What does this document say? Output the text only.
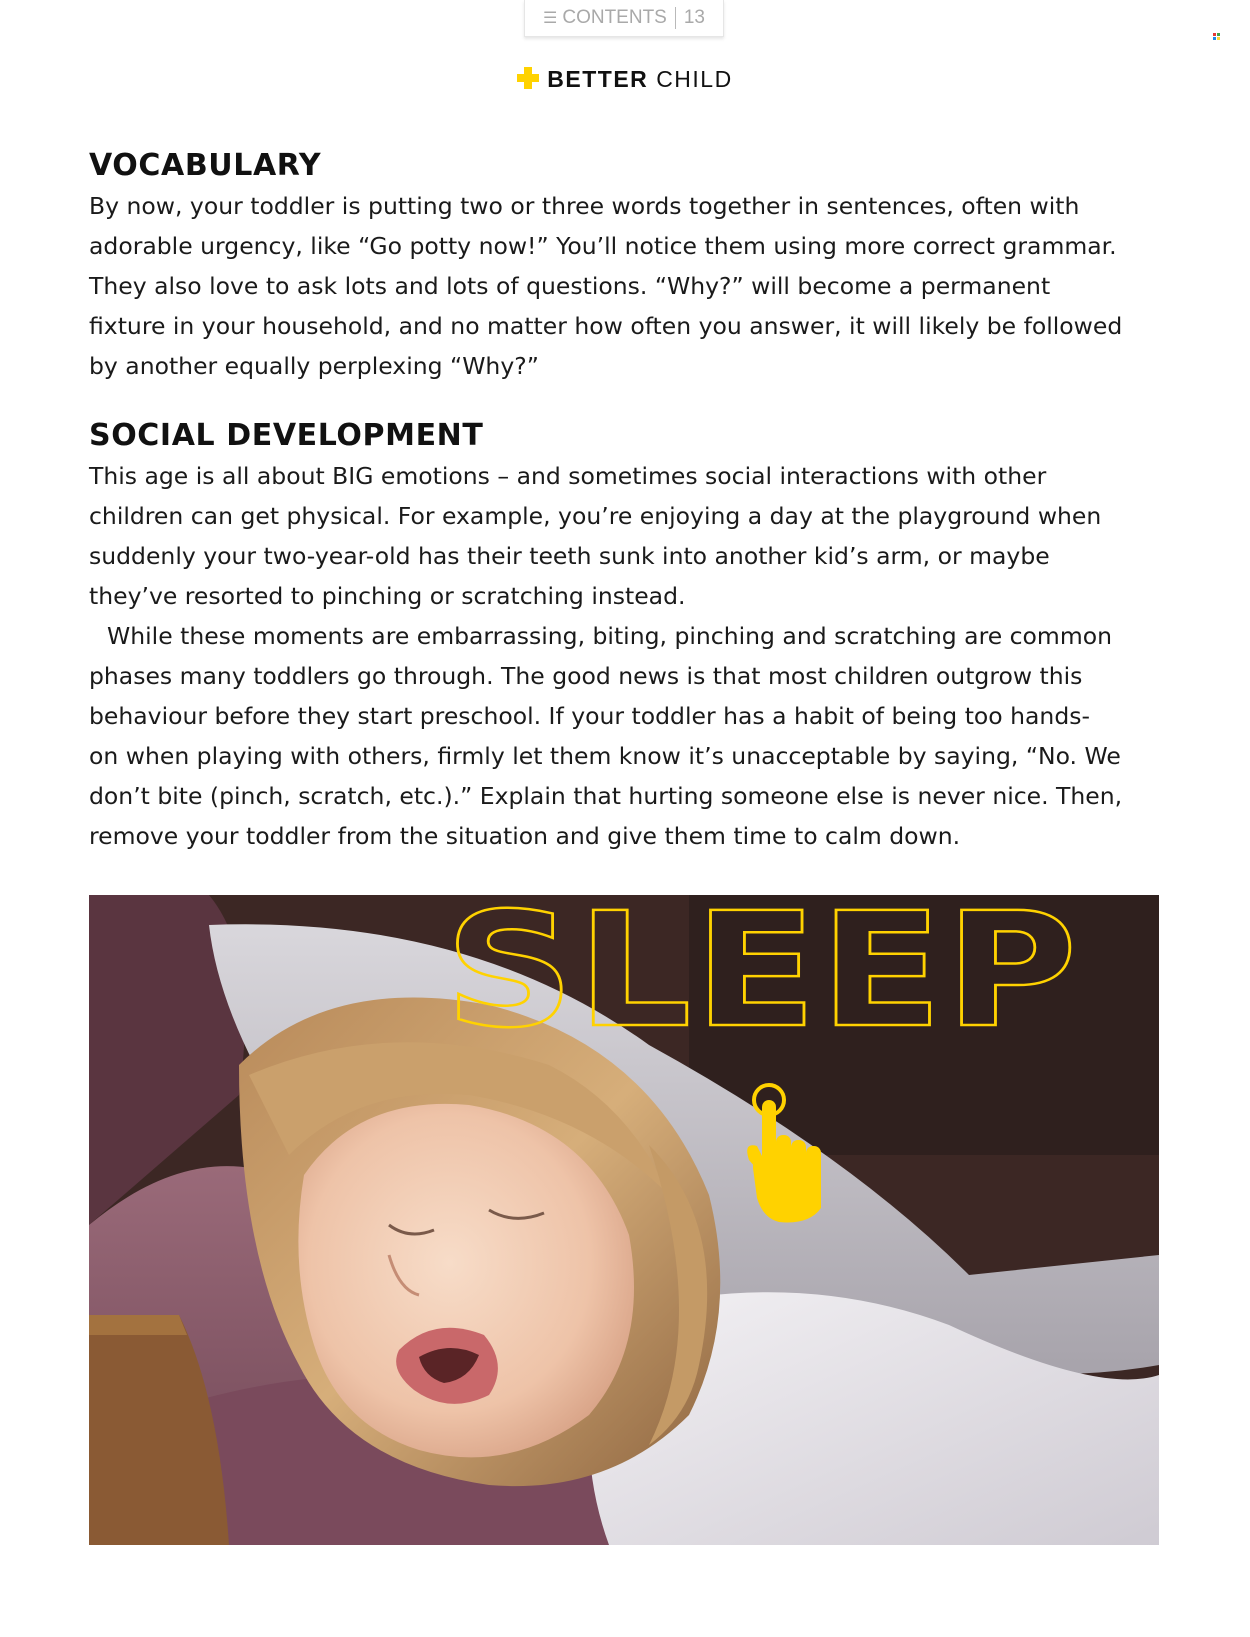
☰ CONTENTS 13
BETTER CHILD
VOCABULARY

By now, your toddler is putting two or three words together in sentences, often with
adorable urgency, like “Go potty now!” You’ll notice them using more correct grammar.
They also love to ask lots and lots of questions. “Why?” will become a permanent
fixture in your household, and no matter how often you answer, it will likely be followed
by another equally perplexing “Why?”

SOCIAL DEVELOPMENT

This age is all about BIG emotions – and sometimes social interactions with other
children can get physical. For example, you’re enjoying a day at the playground when
suddenly your two-year-old has their teeth sunk into another kid’s arm, or maybe
they’ve resorted to pinching or scratching instead.

While these moments are embarrassing, biting, pinching and scratching are common
phases many toddlers go through. The good news is that most children outgrow this
behaviour before they start preschool. If your toddler has a habit of being too hands-
on when playing with others, firmly let them know it’s unacceptable by saying, “No. We
don’t bite (pinch, scratch, etc.).” Explain that hurting someone else is never nice. Then,
remove your toddler from the situation and give them time to calm down.

SLEEP
